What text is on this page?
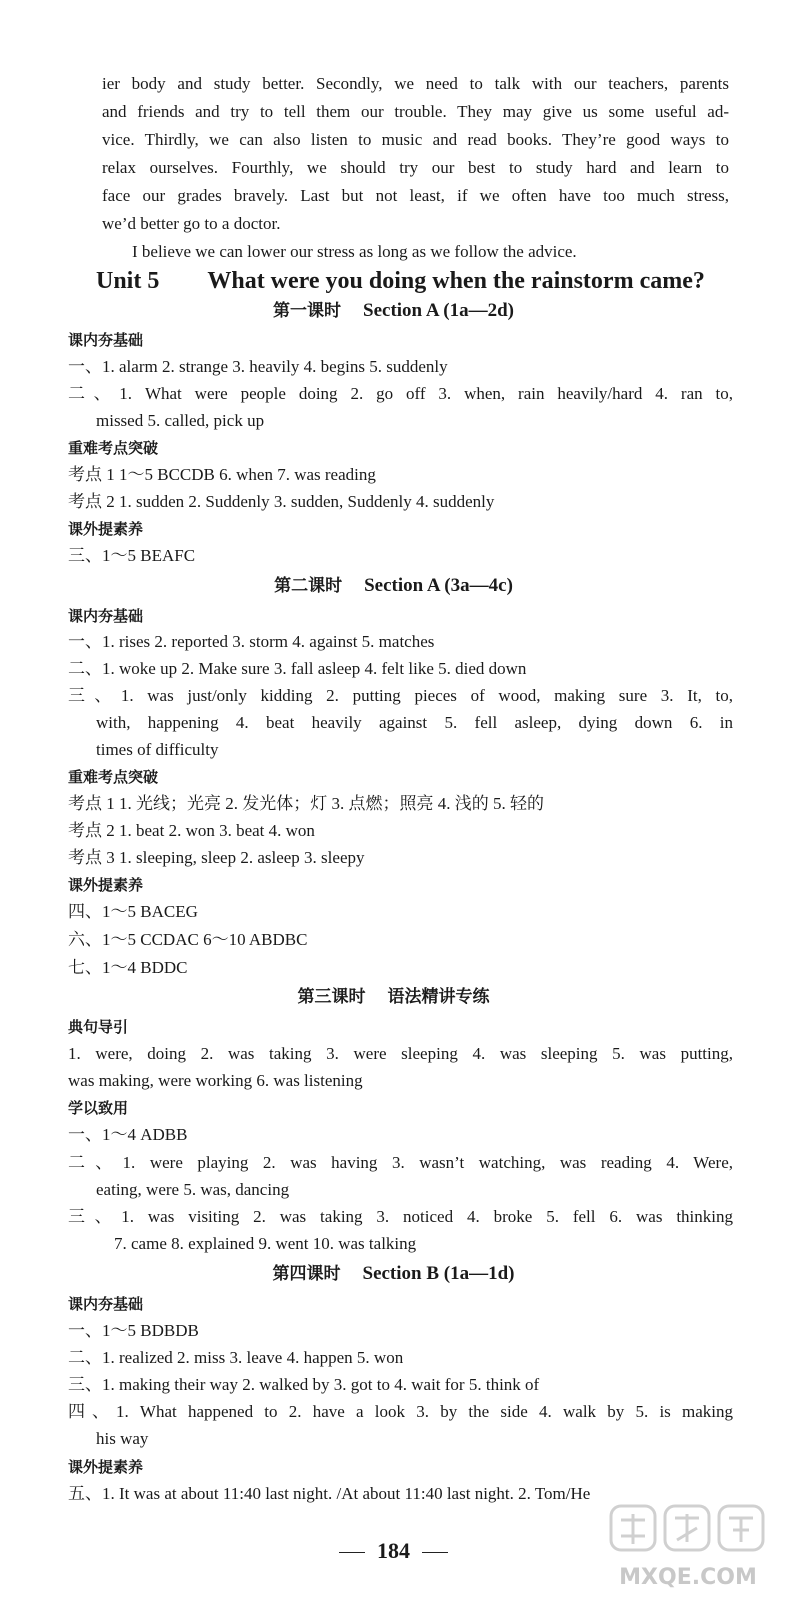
ier body and study better. Secondly, we need to talk with our teachers, parents
and friends and try to tell them our trouble. They may give us some useful ad-
vice. Thirdly, we can also listen to music and read books. They’re good ways to
relax ourselves. Fourthly, we should try our best to study hard and learn to
face our grades bravely. Last but not least, if we often have too much stress,
we’d better go to a doctor.
I believe we can lower our stress as long as we follow the advice.
Unit 5 What were you doing when the rainstorm came?
第一课时 Section A (1a—2d)
课内夯基础
一、1. alarm 2. strange 3. heavily 4. begins 5. suddenly
二、1. What were people doing 2. go off 3. when, rain heavily/hard 4. ran to,
missed 5. called, pick up
重难考点突破
考点 1 1～5 BCCDB 6. when 7. was reading
考点 2 1. sudden 2. Suddenly 3. sudden, Suddenly 4. suddenly
课外提素养
三、1～5 BEAFC
第二课时 Section A (3a—4c)
课内夯基础
一、1. rises 2. reported 3. storm 4. against 5. matches
二、1. woke up 2. Make sure 3. fall asleep 4. felt like 5. died down
三、1. was just/only kidding 2. putting pieces of wood, making sure 3. It, to,
with, happening 4. beat heavily against 5. fell asleep, dying down 6. in
times of difficulty
重难考点突破
考点 1 1. 光线；光亮 2. 发光体；灯 3. 点燃；照亮 4. 浅的 5. 轻的
考点 2 1. beat 2. won 3. beat 4. won
考点 3 1. sleeping, sleep 2. asleep 3. sleepy
课外提素养
四、1～5 BACEG
六、1～5 CCDAC 6～10 ABDBC
七、1～4 BDDC
第三课时 语法精讲专练
典句导引
1. were, doing 2. was taking 3. were sleeping 4. was sleeping 5. was putting,
was making, were working 6. was listening
学以致用
一、1～4 ADBB
二、1. were playing 2. was having 3. wasn’t watching, was reading 4. Were,
eating, were 5. was, dancing
三、1. was visiting 2. was taking 3. noticed 4. broke 5. fell 6. was thinking
7. came 8. explained 9. went 10. was talking
第四课时 Section B (1a—1d)
课内夯基础
一、1～5 BDBDB
二、1. realized 2. miss 3. leave 4. happen 5. won
三、1. making their way 2. walked by 3. got to 4. wait for 5. think of
四、1. What happened to 2. have a look 3. by the side 4. walk by 5. is making
his way
课外提素养
五、1. It was at about 11:40 last night. /At about 11:40 last night. 2. Tom/He
MXQE.COM
184
